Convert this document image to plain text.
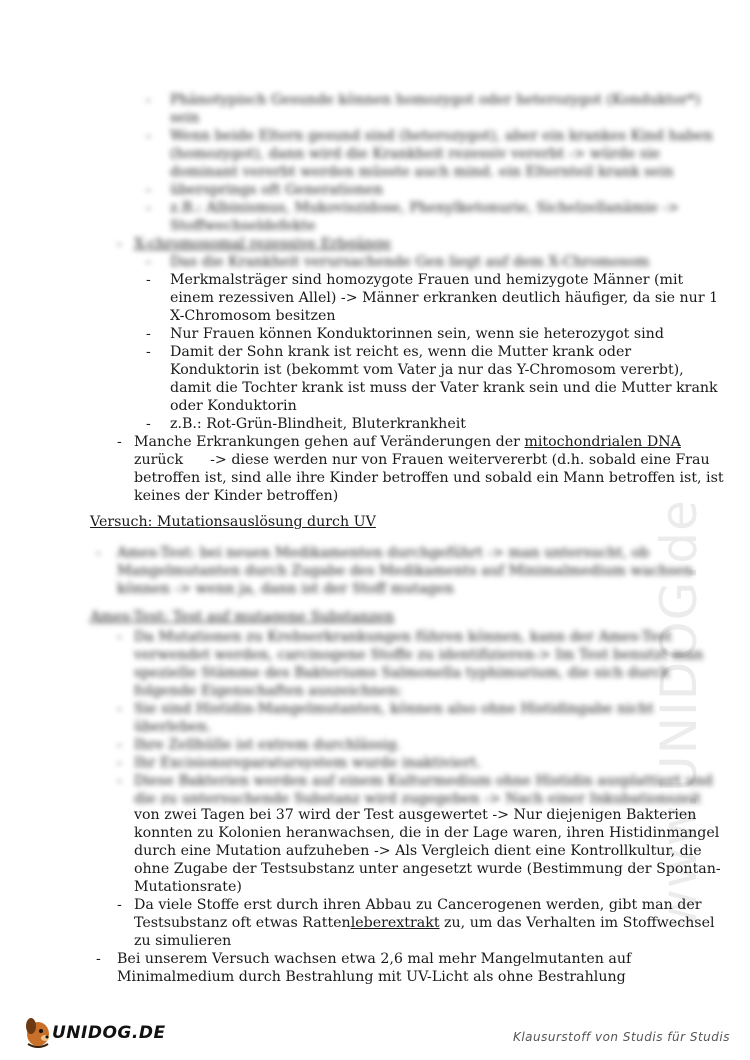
www.UNIDOG.de
- Phänotypisch Gesunde können homozygot oder heterozygot (Konduktor*)
sein
- Wenn beide Eltern gesund sind (heterozygot), aber ein krankes Kind haben
(homozygot), dann wird die Krankheit rezessiv vererbt -> würde sie
dominant vererbt werden müsste auch mind. ein Elternteil krank sein
- übersprings oft Generationen
- z.B.: Albinismus, Mukoviszidose, Phenylketonurie, Sichelzellanämie ->
Stoffwechseldefekte
- X-chromosomal rezessive Erbgänge
- Das die Krankheit verursachende Gen liegt auf dem X-Chromosom
- Merkmalsträger sind homozygote Frauen und hemizygote Männer (mit
einem rezessiven Allel) -> Männer erkranken deutlich häufiger, da sie nur 1
X-Chromosom besitzen
- Nur Frauen können Konduktorinnen sein, wenn sie heterozygot sind
- Damit der Sohn krank ist reicht es, wenn die Mutter krank oder
Konduktorin ist (bekommt vom Vater ja nur das Y-Chromosom vererbt),
damit die Tochter krank ist muss der Vater krank sein und die Mutter krank
oder Konduktorin
- z.B.: Rot-Grün-Blindheit, Bluterkrankheit
- Manche Erkrankungen gehen auf Veränderungen der mitochondrialen DNA
zurück      -> diese werden nur von Frauen weitervererbt (d.h. sobald eine Frau
betroffen ist, sind alle ihre Kinder betroffen und sobald ein Mann betroffen ist, ist
keines der Kinder betroffen)
Versuch: Mutationsauslösung durch UV
- Ames-Test: bei neuen Medikamenten durchgeführt -> man untersucht, ob
Mangelmutanten durch Zugabe des Medikaments auf Minimalmedium wachsen
können -> wenn ja, dann ist der Stoff mutagen
Ames-Test: Test auf mutagene Substanzen
- Da Mutationen zu Krebserkrankungen führen können, kann der Ames-Test
verwendet werden, carcinogene Stoffe zu identifizieren-> Im Test benutzt man
spezielle Stämme des Bakteriums Salmonella typhimurium, die sich durch
folgende Eigenschaften auszeichnen:
- Sie sind Histidin-Mangelmutanten, können also ohne Histidingabe nicht
überleben.
- Ihre Zellhülle ist extrem durchlässig.
- Ihr Excisionsreparatursystem wurde inaktiviert.
- Diese Bakterien werden auf einem Kulturmedium ohne Histidin ausplattiert und
die zu untersuchende Substanz wird zugegeben -> Nach einer Inkubationszeit
von zwei Tagen bei 37 wird der Test ausgewertet -> Nur diejenigen Bakterien
konnten zu Kolonien heranwachsen, die in der Lage waren, ihren Histidinmangel
durch eine Mutation aufzuheben -> Als Vergleich dient eine Kontrollkultur, die
ohne Zugabe der Testsubstanz unter angesetzt wurde (Bestimmung der Spontan-
Mutationsrate)
- Da viele Stoffe erst durch ihren Abbau zu Cancerogenen werden, gibt man der
Testsubstanz oft etwas Rattenleberextrakt zu, um das Verhalten im Stoffwechsel
zu simulieren
- Bei unserem Versuch wachsen etwa 2,6 mal mehr Mangelmutanten auf
Minimalmedium durch Bestrahlung mit UV-Licht als ohne Bestrahlung
UNIDOG.DE	Klausurstoff von Studis für Studis
